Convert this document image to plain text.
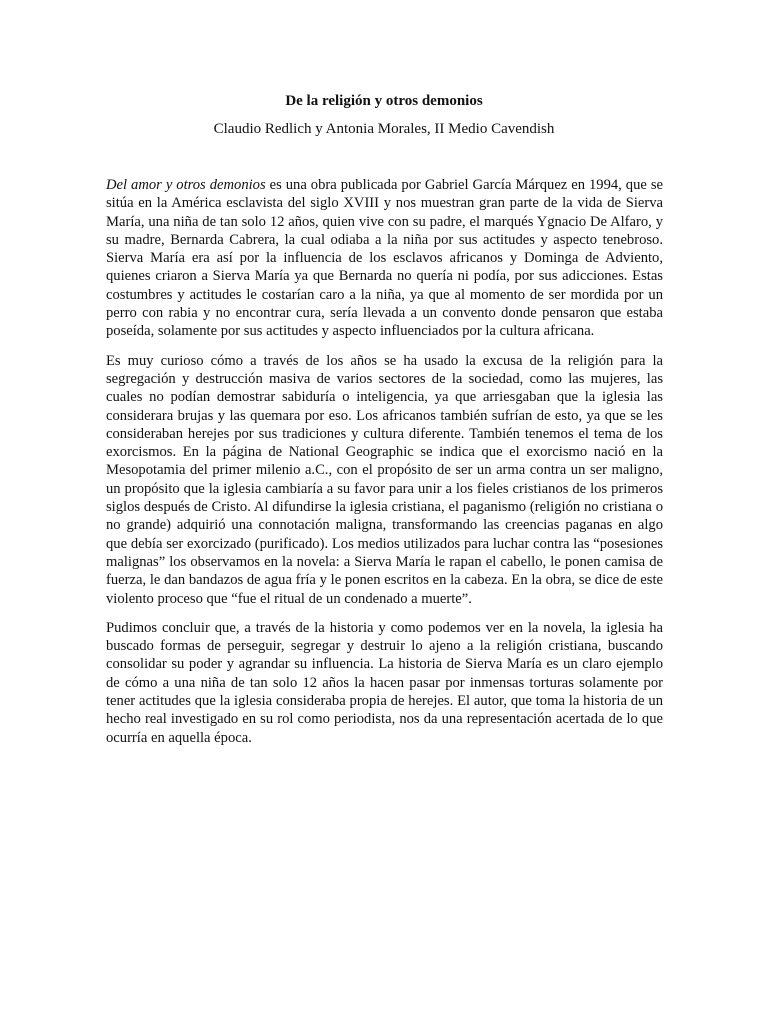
De la religión y otros demonios
Claudio Redlich y Antonia Morales, II Medio Cavendish

Del amor y otros demonios es una obra publicada por Gabriel García Márquez en 1994, que se sitúa en la América esclavista del siglo XVIII y nos muestran gran parte de la vida de Sierva María, una niña de tan solo 12 años, quien vive con su padre, el marqués Ygnacio De Alfaro, y su madre, Bernarda Cabrera, la cual odiaba a la niña por sus actitudes y aspecto tenebroso. Sierva María era así por la influencia de los esclavos africanos y Dominga de Adviento, quienes criaron a Sierva María ya que Bernarda no quería ni podía, por sus adicciones. Estas costumbres y actitudes le costarían caro a la niña, ya que al momento de ser mordida por un perro con rabia y no encontrar cura, sería llevada a un convento donde pensaron que estaba poseída, solamente por sus actitudes y aspecto influenciados por la cultura africana.

Es muy curioso cómo a través de los años se ha usado la excusa de la religión para la segregación y destrucción masiva de varios sectores de la sociedad, como las mujeres, las cuales no podían demostrar sabiduría o inteligencia, ya que arriesgaban que la iglesia las considerara brujas y las quemara por eso. Los africanos también sufrían de esto, ya que se les consideraban herejes por sus tradiciones y cultura diferente. También tenemos el tema de los exorcismos. En la página de National Geographic se indica que el exorcismo nació en la Mesopotamia del primer milenio a.C., con el propósito de ser un arma contra un ser maligno, un propósito que la iglesia cambiaría a su favor para unir a los fieles cristianos de los primeros siglos después de Cristo. Al difundirse la iglesia cristiana, el paganismo (religión no cristiana o no grande) adquirió una connotación maligna, transformando las creencias paganas en algo que debía ser exorcizado (purificado). Los medios utilizados para luchar contra las “posesiones malignas” los observamos en la novela: a Sierva María le rapan el cabello, le ponen camisa de fuerza, le dan bandazos de agua fría y le ponen escritos en la cabeza. En la obra, se dice de este violento proceso que “fue el ritual de un condenado a muerte”.

Pudimos concluir que, a través de la historia y como podemos ver en la novela, la iglesia ha buscado formas de perseguir, segregar y destruir lo ajeno a la religión cristiana, buscando consolidar su poder y agrandar su influencia. La historia de Sierva María es un claro ejemplo de cómo a una niña de tan solo 12 años la hacen pasar por inmensas torturas solamente por tener actitudes que la iglesia consideraba propia de herejes. El autor, que toma la historia de un hecho real investigado en su rol como periodista, nos da una representación acertada de lo que ocurría en aquella época.
